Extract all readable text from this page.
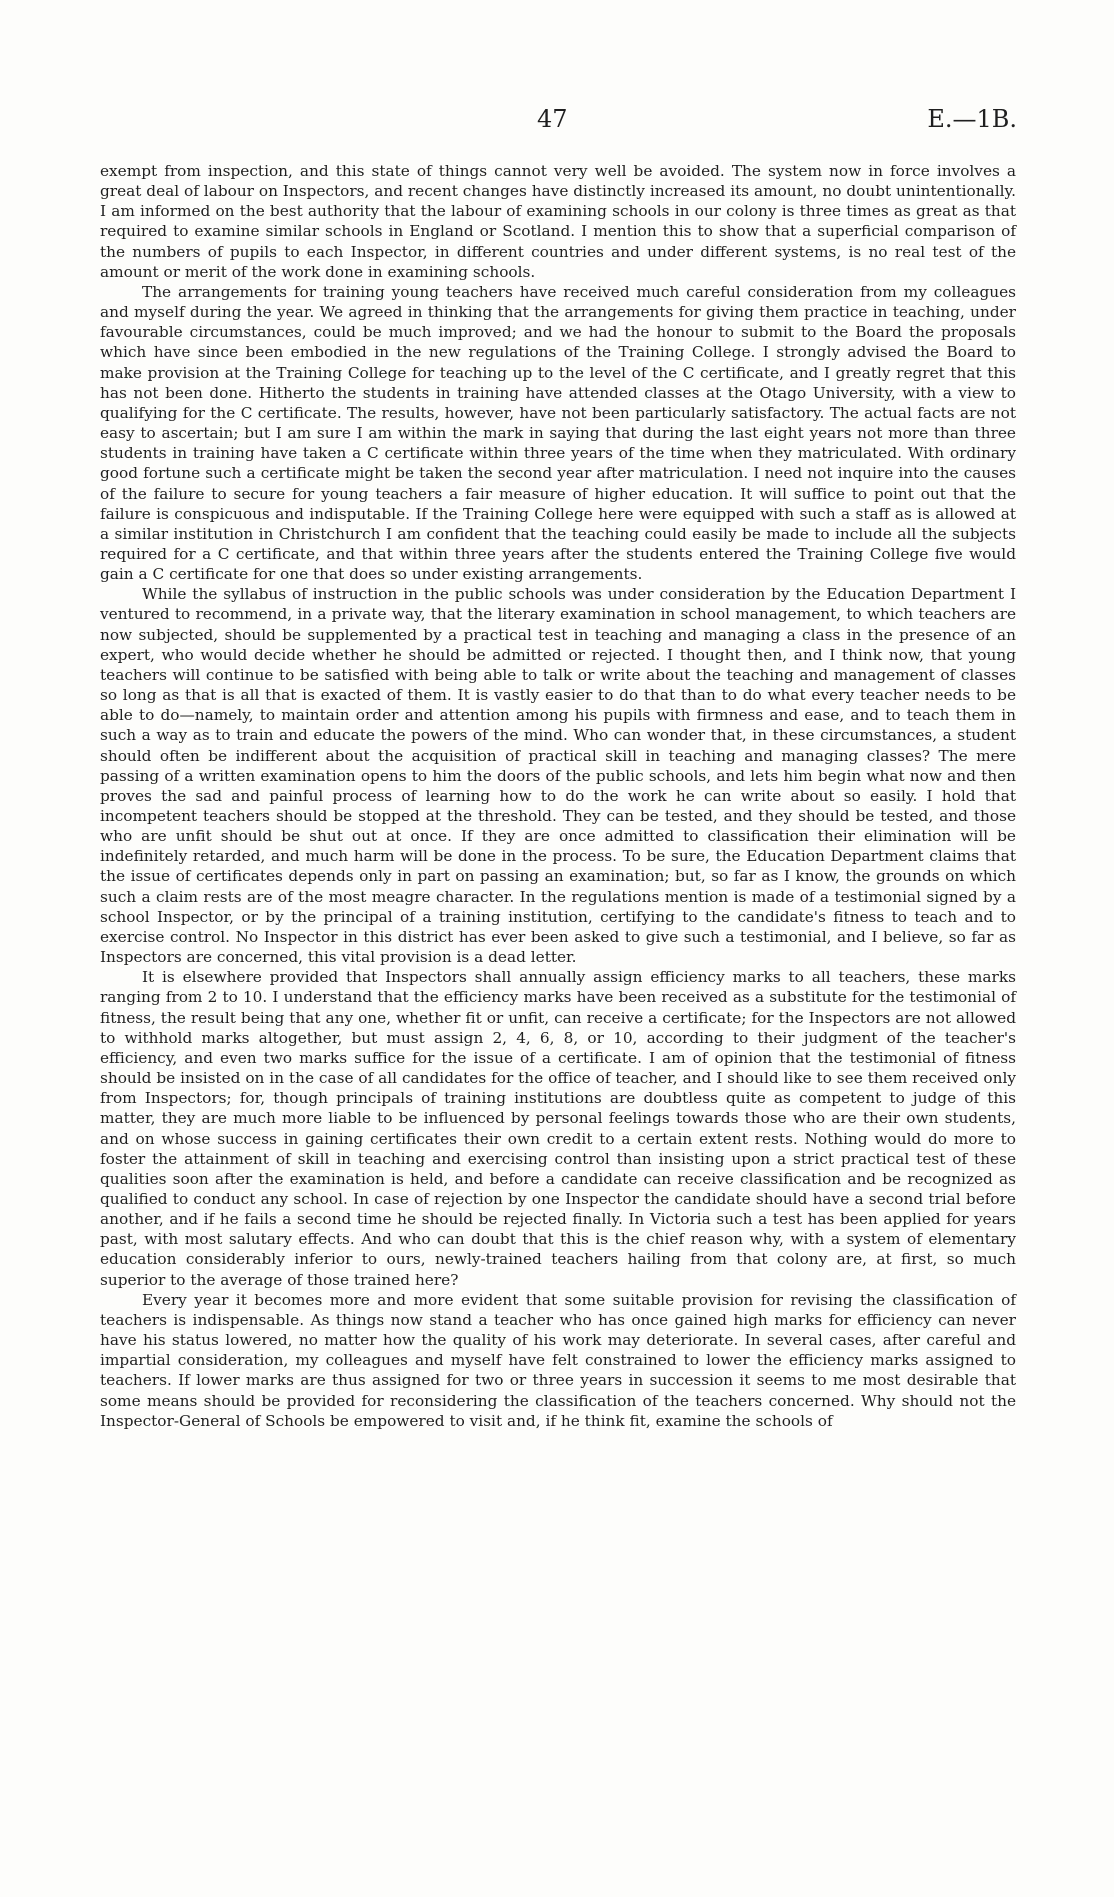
47	E.—1B.

exempt from inspection, and this state of things cannot very well be avoided. The system now in force involves a great deal of labour on Inspectors, and recent changes have distinctly increased its amount, no doubt unintentionally. I am informed on the best authority that the labour of examining schools in our colony is three times as great as that required to examine similar schools in England or Scotland. I mention this to show that a superficial comparison of the numbers of pupils to each Inspector, in different countries and under different systems, is no real test of the amount or merit of the work done in examining schools.

The arrangements for training young teachers have received much careful consideration from my colleagues and myself during the year. We agreed in thinking that the arrangements for giving them practice in teaching, under favourable circumstances, could be much improved; and we had the honour to submit to the Board the proposals which have since been embodied in the new regulations of the Training College. I strongly advised the Board to make provision at the Training College for teaching up to the level of the C certificate, and I greatly regret that this has not been done. Hitherto the students in training have attended classes at the Otago University, with a view to qualifying for the C certificate. The results, however, have not been particularly satisfactory. The actual facts are not easy to ascertain; but I am sure I am within the mark in saying that during the last eight years not more than three students in training have taken a C certificate within three years of the time when they matriculated. With ordinary good fortune such a certificate might be taken the second year after matriculation. I need not inquire into the causes of the failure to secure for young teachers a fair measure of higher education. It will suffice to point out that the failure is conspicuous and indisputable. If the Training College here were equipped with such a staff as is allowed at a similar institution in Christchurch I am confident that the teaching could easily be made to include all the subjects required for a C certificate, and that within three years after the students entered the Training College five would gain a C certificate for one that does so under existing arrangements.

While the syllabus of instruction in the public schools was under consideration by the Education Department I ventured to recommend, in a private way, that the literary examination in school management, to which teachers are now subjected, should be supplemented by a practical test in teaching and managing a class in the presence of an expert, who would decide whether he should be admitted or rejected. I thought then, and I think now, that young teachers will continue to be satisfied with being able to talk or write about the teaching and management of classes so long as that is all that is exacted of them. It is vastly easier to do that than to do what every teacher needs to be able to do—namely, to maintain order and attention among his pupils with firmness and ease, and to teach them in such a way as to train and educate the powers of the mind. Who can wonder that, in these circumstances, a student should often be indifferent about the acquisition of practical skill in teaching and managing classes? The mere passing of a written examination opens to him the doors of the public schools, and lets him begin what now and then proves the sad and painful process of learning how to do the work he can write about so easily. I hold that incompetent teachers should be stopped at the threshold. They can be tested, and they should be tested, and those who are unfit should be shut out at once. If they are once admitted to classification their elimination will be indefinitely retarded, and much harm will be done in the process. To be sure, the Education Department claims that the issue of certificates depends only in part on passing an examination; but, so far as I know, the grounds on which such a claim rests are of the most meagre character. In the regulations mention is made of a testimonial signed by a school Inspector, or by the principal of a training institution, certifying to the candidate's fitness to teach and to exercise control. No Inspector in this district has ever been asked to give such a testimonial, and I believe, so far as Inspectors are concerned, this vital provision is a dead letter.

It is elsewhere provided that Inspectors shall annually assign efficiency marks to all teachers, these marks ranging from 2 to 10. I understand that the efficiency marks have been received as a substitute for the testimonial of fitness, the result being that any one, whether fit or unfit, can receive a certificate; for the Inspectors are not allowed to withhold marks altogether, but must assign 2, 4, 6, 8, or 10, according to their judgment of the teacher's efficiency, and even two marks suffice for the issue of a certificate. I am of opinion that the testimonial of fitness should be insisted on in the case of all candidates for the office of teacher, and I should like to see them received only from Inspectors; for, though principals of training institutions are doubtless quite as competent to judge of this matter, they are much more liable to be influenced by personal feelings towards those who are their own students, and on whose success in gaining certificates their own credit to a certain extent rests. Nothing would do more to foster the attainment of skill in teaching and exercising control than insisting upon a strict practical test of these qualities soon after the examination is held, and before a candidate can receive classification and be recognized as qualified to conduct any school. In case of rejection by one Inspector the candidate should have a second trial before another, and if he fails a second time he should be rejected finally. In Victoria such a test has been applied for years past, with most salutary effects. And who can doubt that this is the chief reason why, with a system of elementary education considerably inferior to ours, newly-trained teachers hailing from that colony are, at first, so much superior to the average of those trained here?

Every year it becomes more and more evident that some suitable provision for revising the classification of teachers is indispensable. As things now stand a teacher who has once gained high marks for efficiency can never have his status lowered, no matter how the quality of his work may deteriorate. In several cases, after careful and impartial consideration, my colleagues and myself have felt constrained to lower the efficiency marks assigned to teachers. If lower marks are thus assigned for two or three years in succession it seems to me most desirable that some means should be provided for reconsidering the classification of the teachers concerned. Why should not the Inspector-General of Schools be empowered to visit and, if he think fit, examine the schools of
